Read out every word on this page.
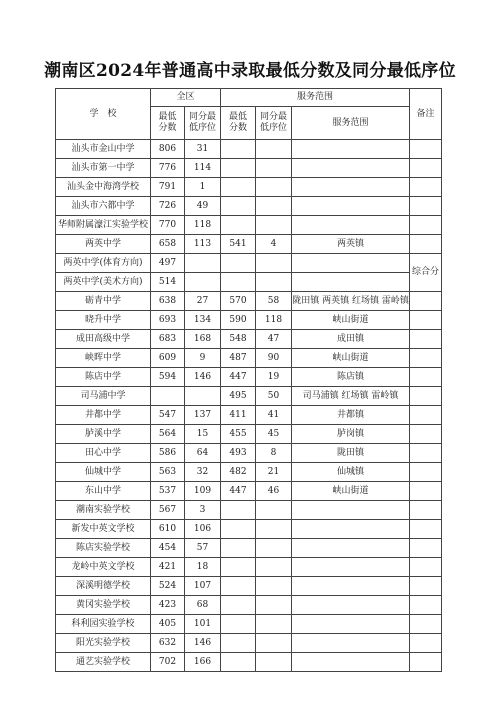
潮南区2024年普通高中录取最低分数及同分最低序位
学　校	全区		服务范围			备注
	最低分数	同分最低序位	最低分数	同分最低序位	服务范围	
汕头市金山中学	806	31				
汕头市第一中学	776	114				
汕头金中海湾学校	791	1				
汕头市六都中学	726	49				
华师附属濠江实验学校	770	118				
两英中学	658	113	541	4	两英镇	
两英中学(体育方向)	497					综合分
两英中学(美术方向)	514					
砺青中学	638	27	570	58	陇田镇 两英镇 红场镇 雷岭镇	
晓升中学	693	134	590	118	峡山街道	
成田高级中学	683	168	548	47	成田镇	
峡晖中学	609	9	487	90	峡山街道	
陈店中学	594	146	447	19	陈店镇	
司马浦中学			495	50	司马浦镇 红场镇 雷岭镇	
井都中学	547	137	411	41	井都镇	
胪溪中学	564	15	455	45	胪岗镇	
田心中学	586	64	493	8	陇田镇	
仙城中学	563	32	482	21	仙城镇	
东山中学	537	109	447	46	峡山街道	
潮南实验学校	567	3				
新发中英文学校	610	106				
陈店实验学校	454	57				
龙岭中英文学校	421	18				
深溪明德学校	524	107				
黄冈实验学校	423	68				
科利园实验学校	405	101				
阳光实验学校	632	146				
通艺实验学校	702	166				
